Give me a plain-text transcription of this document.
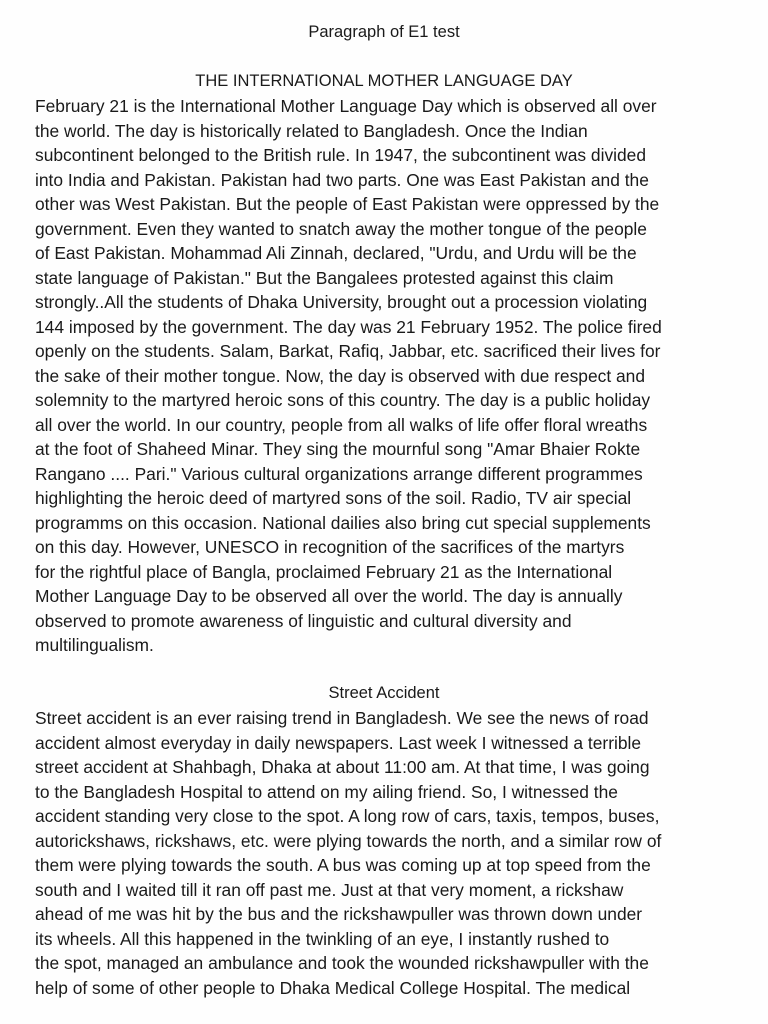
Paragraph of E1 test
THE INTERNATIONAL MOTHER LANGUAGE DAY
February 21 is the International Mother Language Day which is observed all over
the world. The day is historically related to Bangladesh. Once the Indian
subcontinent belonged to the British rule. In 1947, the subcontinent was divided
into India and Pakistan. Pakistan had two parts. One was East Pakistan and the
other was West Pakistan. But the people of East Pakistan were oppressed by the
government. Even they wanted to snatch away the mother tongue of the people
of East Pakistan. Mohammad Ali Zinnah, declared, "Urdu, and Urdu will be the
state language of Pakistan." But the Bangalees protested against this claim
strongly..All the students of Dhaka University, brought out a procession violating
144 imposed by the government. The day was 21 February 1952. The police fired
openly on the students. Salam, Barkat, Rafiq, Jabbar, etc. sacrificed their lives for
the sake of their mother tongue. Now, the day is observed with due respect and
solemnity to the martyred heroic sons of this country. The day is a public holiday
all over the world. In our country, people from all walks of life offer floral wreaths
at the foot of Shaheed Minar. They sing the mournful song "Amar Bhaier Rokte
Rangano .... Pari." Various cultural organizations arrange different programmes
highlighting the heroic deed of martyred sons of the soil. Radio, TV air special
programms on this occasion. National dailies also bring cut special supplements
on this day. However, UNESCO in recognition of the sacrifices of the martyrs
for the rightful place of Bangla, proclaimed February 21 as the International
Mother Language Day to be observed all over the world. The day is annually
observed to promote awareness of linguistic and cultural diversity and
multilingualism.
Street Accident
Street accident is an ever raising trend in Bangladesh. We see the news of road
accident almost everyday in daily newspapers. Last week I witnessed a terrible
street accident at Shahbagh, Dhaka at about 11:00 am. At that time, I was going
to the Bangladesh Hospital to attend on my ailing friend. So, I witnessed the
accident standing very close to the spot. A long row of cars, taxis, tempos, buses,
autorickshaws, rickshaws, etc. were plying towards the north, and a similar row of
them were plying towards the south. A bus was coming up at top speed from the
south and I waited till it ran off past me. Just at that very moment, a rickshaw
ahead of me was hit by the bus and the rickshawpuller was thrown down under
its wheels. All this happened in the twinkling of an eye, I instantly rushed to
the spot, managed an ambulance and took the wounded rickshawpuller with the
help of some of other people to Dhaka Medical College Hospital. The medical
